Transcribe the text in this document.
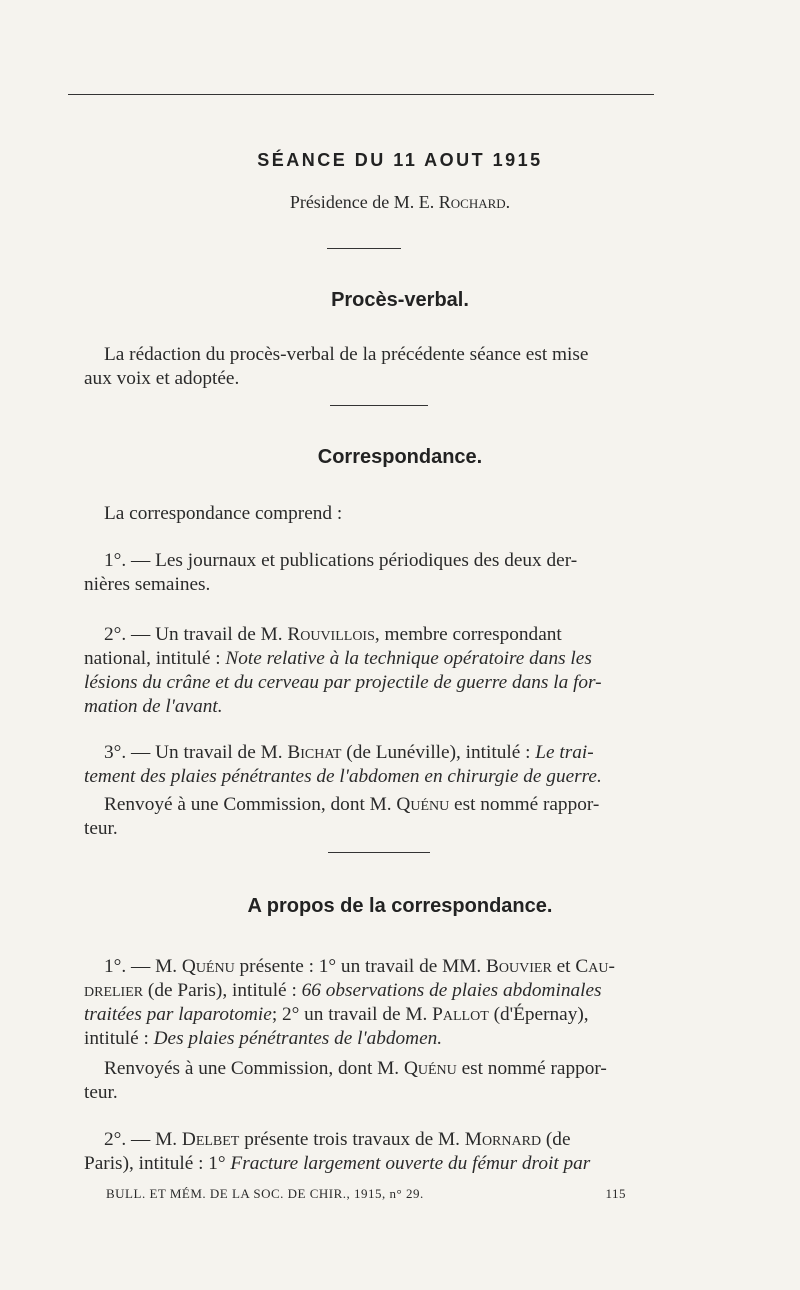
SÉANCE DU 11 AOUT 1915
Présidence de M. E. Rochard.
Procès-verbal.
La rédaction du procès-verbal de la précédente séance est mise
aux voix et adoptée.
Correspondance.
La correspondance comprend :
1°. — Les journaux et publications périodiques des deux der-
nières semaines.
2°. — Un travail de M. Rouvillois, membre correspondant
national, intitulé : Note relative à la technique opératoire dans les
lésions du crâne et du cerveau par projectile de guerre dans la for-
mation de l'avant.
3°. — Un travail de M. Bichat (de Lunéville), intitulé : Le trai-
tement des plaies pénétrantes de l'abdomen en chirurgie de guerre.
Renvoyé à une Commission, dont M. Quénu est nommé rappor-
teur.
A propos de la correspondance.
1°. — M. Quénu présente : 1° un travail de MM. Bouvier et Cau-
drelier (de Paris), intitulé : 66 observations de plaies abdominales
traitées par laparotomie; 2° un travail de M. Pallot (d'Épernay),
intitulé : Des plaies pénétrantes de l'abdomen.
Renvoyés à une Commission, dont M. Quénu est nommé rappor-
teur.
2°. — M. Delbet présente trois travaux de M. Mornard (de
Paris), intitulé : 1° Fracture largement ouverte du fémur droit par
BULL. ET MÉM. DE LA SOC. DE CHIR., 1915, n° 29.	115
